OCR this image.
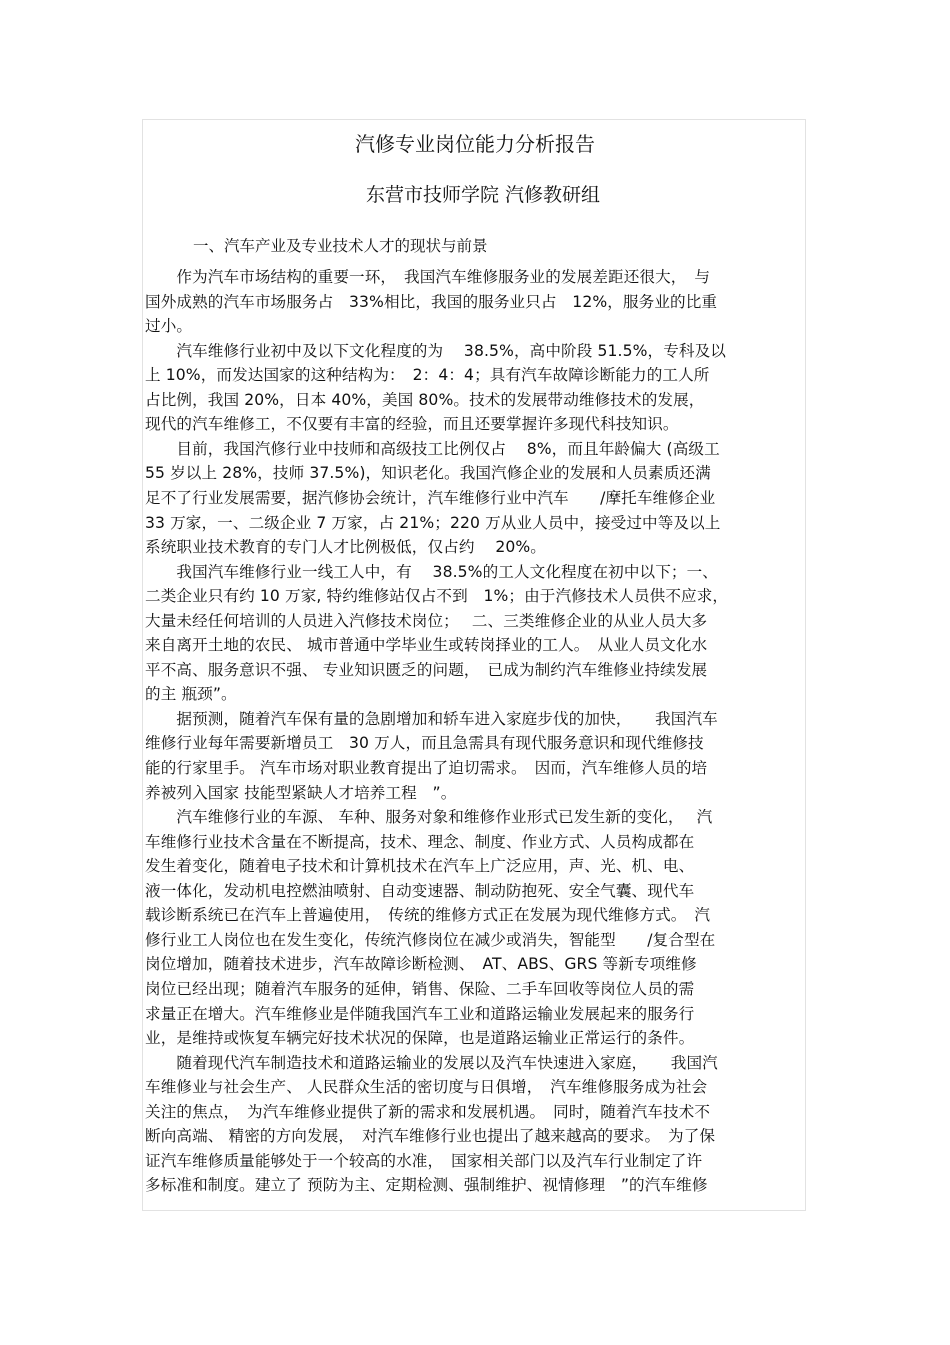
汽修专业岗位能力分析报告
东营市技师学院 汽修教研组
一、汽车产业及专业技术人才的现状与前景
　　作为汽车市场结构的重要一环，　我国汽车维修服务业的发展差距还很大，　与
国外成熟的汽车市场服务占　33%相比，我国的服务业只占　12%，服务业的比重
过小。
　　汽车维修行业初中及以下文化程度的为　 38.5%，高中阶段 51.5%，专科及以
上 10%，而发达国家的这种结构为：　2：4：4；具有汽车故障诊断能力的工人所
占比例，我国 20%，日本 40%，美国 80%。技术的发展带动维修技术的发展，
现代的汽车维修工，不仅要有丰富的经验，而且还要掌握许多现代科技知识。
　　目前，我国汽修行业中技师和高级技工比例仅占　 8%，而且年龄偏大 (高级工
55 岁以上 28%，技师 37.5%)，知识老化。我国汽修企业的发展和人员素质还满
足不了行业发展需要，据汽修协会统计，汽车维修行业中汽车　　/摩托车维修企业
33 万家，一、二级企业 7 万家，占 21%；220 万从业人员中，接受过中等及以上
系统职业技术教育的专门人才比例极低，仅占约　 20%。
　　我国汽车维修行业一线工人中，有　 38.5%的工人文化程度在初中以下；一、
二类企业只有约 10 万家, 特约维修站仅占不到　1%；由于汽修技术人员供不应求，
大量未经任何培训的人员进入汽修技术岗位；　 二、三类维修企业的从业人员大多
来自离开土地的农民、 城市普通中学毕业生或转岗择业的工人。　从业人员文化水
平不高、服务意识不强、 专业知识匮乏的问题，　已成为制约汽车维修业持续发展
的主 瓶颈”。
　　据预测，随着汽车保有量的急剧增加和轿车进入家庭步伐的加快，　　我国汽车
维修行业每年需要新增员工　30 万人，而且急需具有现代服务意识和现代维修技
能的行家里手。 汽车市场对职业教育提出了迫切需求。　因而，汽车维修人员的培
养被列入国家 技能型紧缺人才培养工程　”。
　　汽车维修行业的车源、 车种、服务对象和维修作业形式已发生新的变化，　 汽
车维修行业技术含量在不断提高，技术、理念、制度、作业方式、人员构成都在
发生着变化，随着电子技术和计算机技术在汽车上广泛应用，声、光、机、电、
液一体化，发动机电控燃油喷射、自动变速器、制动防抱死、安全气囊、现代车
载诊断系统已在汽车上普遍使用，　传统的维修方式正在发展为现代维修方式。　汽
修行业工人岗位也在发生变化，传统汽修岗位在减少或消失，智能型　　/复合型在
岗位增加，随着技术进步，汽车故障诊断检测、　AT、ABS、GRS 等新专项维修
岗位已经出现；随着汽车服务的延伸，销售、保险、二手车回收等岗位人员的需
求量正在增大。汽车维修业是伴随我国汽车工业和道路运输业发展起来的服务行
业，是维持或恢复车辆完好技术状况的保障，也是道路运输业正常运行的条件。
　　随着现代汽车制造技术和道路运输业的发展以及汽车快速进入家庭，　　我国汽
车维修业与社会生产、 人民群众生活的密切度与日俱增，　汽车维修服务成为社会
关注的焦点，　为汽车维修业提供了新的需求和发展机遇。　同时，随着汽车技术不
断向高端、 精密的方向发展，　对汽车维修行业也提出了越来越高的要求。　为了保
证汽车维修质量能够处于一个较高的水准，　国家相关部门以及汽车行业制定了许
多标准和制度。建立了 预防为主、定期检测、强制维护、视情修理　”的汽车维修
